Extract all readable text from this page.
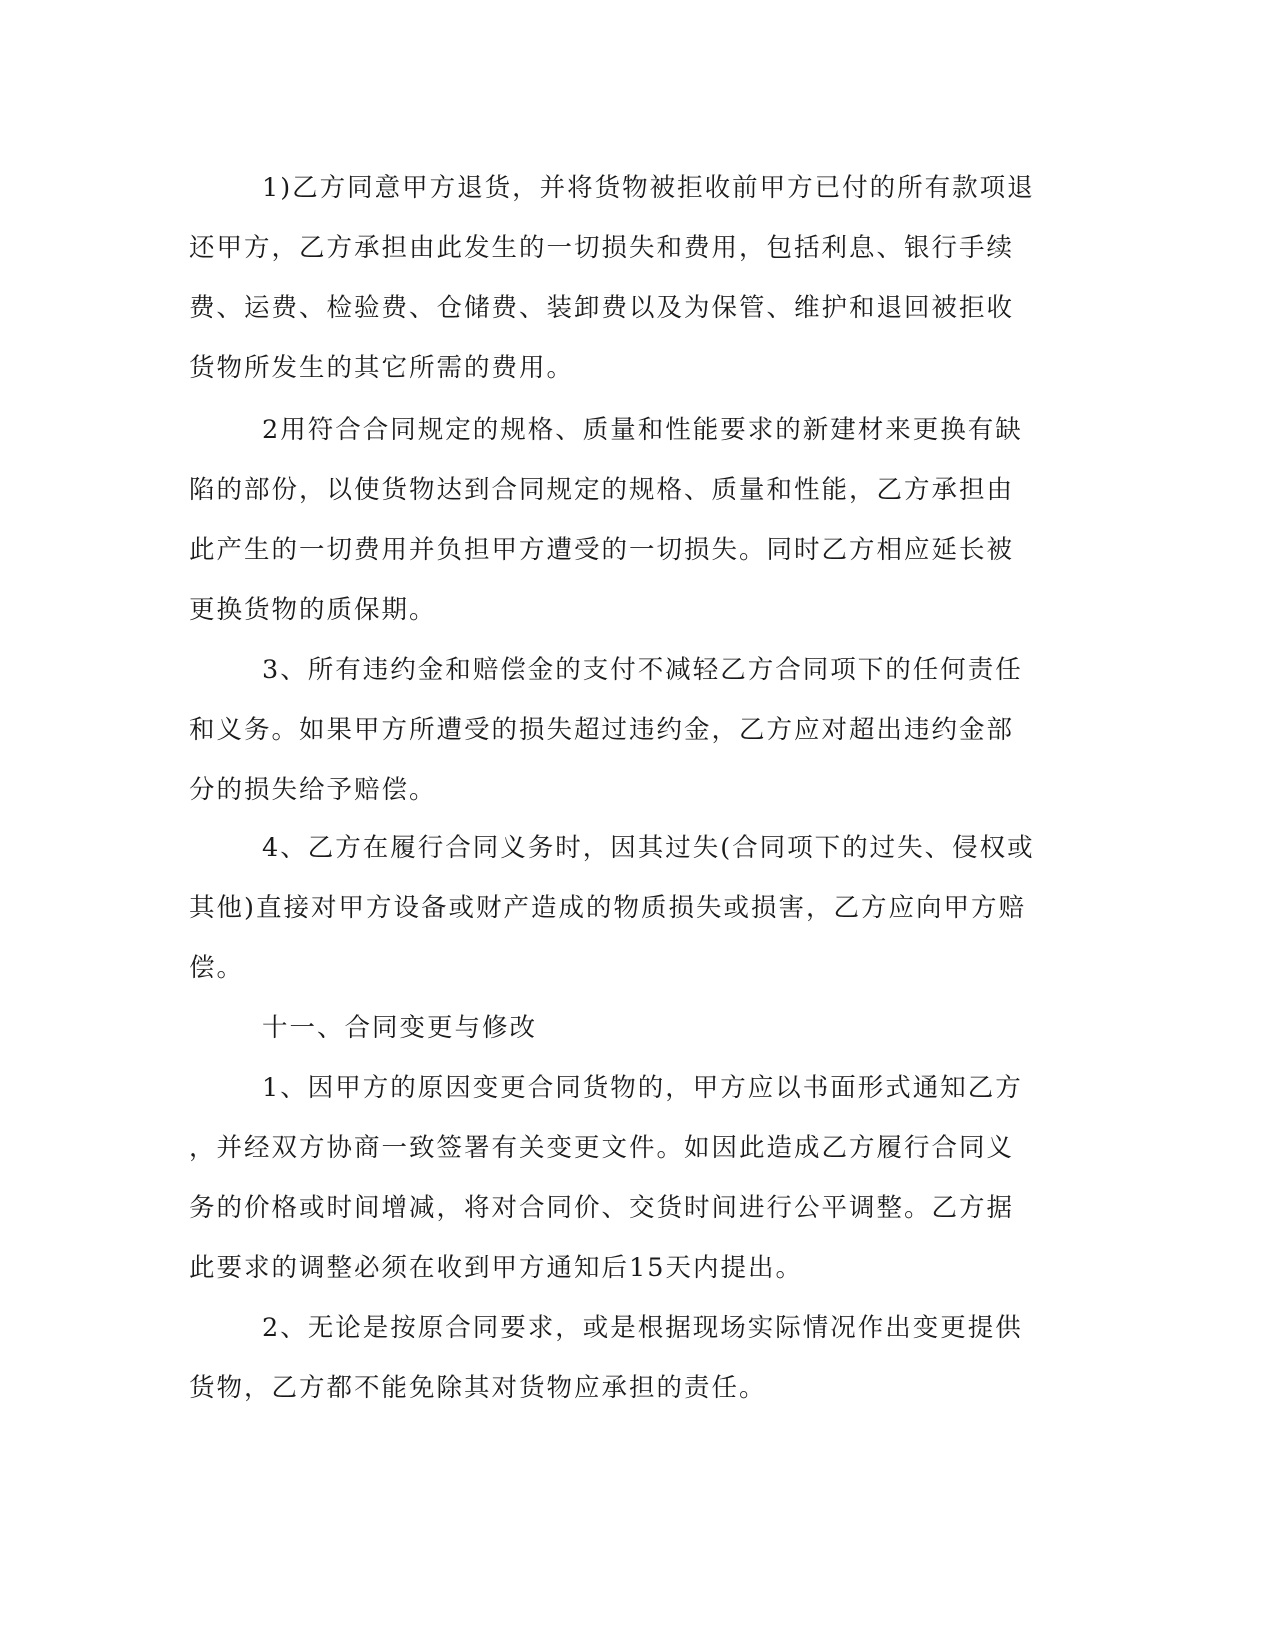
1)乙方同意甲方退货，并将货物被拒收前甲方已付的所有款项退
还甲方，乙方承担由此发生的一切损失和费用，包括利息、银行手续
费、运费、检验费、仓储费、装卸费以及为保管、维护和退回被拒收
货物所发生的其它所需的费用。
2用符合合同规定的规格、质量和性能要求的新建材来更换有缺
陷的部份，以使货物达到合同规定的规格、质量和性能，乙方承担由
此产生的一切费用并负担甲方遭受的一切损失。同时乙方相应延长被
更换货物的质保期。
3、所有违约金和赔偿金的支付不减轻乙方合同项下的任何责任
和义务。如果甲方所遭受的损失超过违约金，乙方应对超出违约金部
分的损失给予赔偿。
4、乙方在履行合同义务时，因其过失(合同项下的过失、侵权或
其他)直接对甲方设备或财产造成的物质损失或损害，乙方应向甲方赔
偿。
十一、合同变更与修改
1、因甲方的原因变更合同货物的，甲方应以书面形式通知乙方
，并经双方协商一致签署有关变更文件。如因此造成乙方履行合同义
务的价格或时间增减，将对合同价、交货时间进行公平调整。乙方据
此要求的调整必须在收到甲方通知后15天内提出。
2、无论是按原合同要求，或是根据现场实际情况作出变更提供
货物，乙方都不能免除其对货物应承担的责任。
